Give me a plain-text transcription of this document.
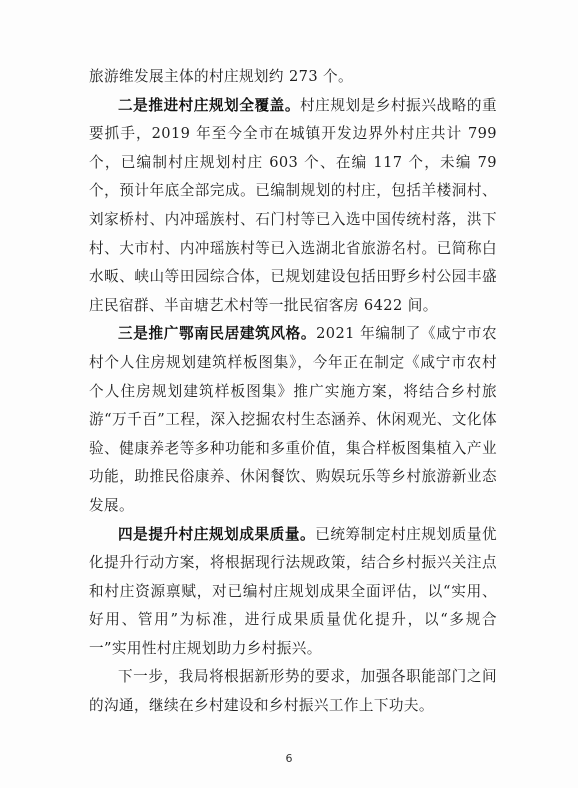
旅游维发展主体的村庄规划约 273 个。

二是推进村庄规划全覆盖。村庄规划是乡村振兴战略的重要抓手，2019 年至今全市在城镇开发边界外村庄共计 799 个，已编制村庄规划村庄 603 个、在编 117 个，未编 79 个，预计年底全部完成。已编制规划的村庄，包括羊楼洞村、刘家桥村、内冲瑶族村、石门村等已入选中国传统村落，洪下村、大市村、内冲瑶族村等已入选湖北省旅游名村。已简称白水畈、峡山等田园综合体，已规划建设包括田野乡村公园丰盛庄民宿群、半亩塘艺术村等一批民宿客房 6422 间。

三是推广鄂南民居建筑风格。2021 年编制了《咸宁市农村个人住房规划建筑样板图集》，今年正在制定《咸宁市农村个人住房规划建筑样板图集》推广实施方案，将结合乡村旅游“万千百”工程，深入挖掘农村生态涵养、休闲观光、文化体验、健康养老等多种功能和多重价值，集合样板图集植入产业功能，助推民俗康养、休闲餐饮、购娱玩乐等乡村旅游新业态发展。

四是提升村庄规划成果质量。已统筹制定村庄规划质量优化提升行动方案，将根据现行法规政策，结合乡村振兴关注点和村庄资源禀赋，对已编村庄规划成果全面评估，以“实用、好用、管用”为标准，进行成果质量优化提升，以“多规合一”实用性村庄规划助力乡村振兴。

下一步，我局将根据新形势的要求，加强各职能部门之间的沟通，继续在乡村建设和乡村振兴工作上下功夫。

6
